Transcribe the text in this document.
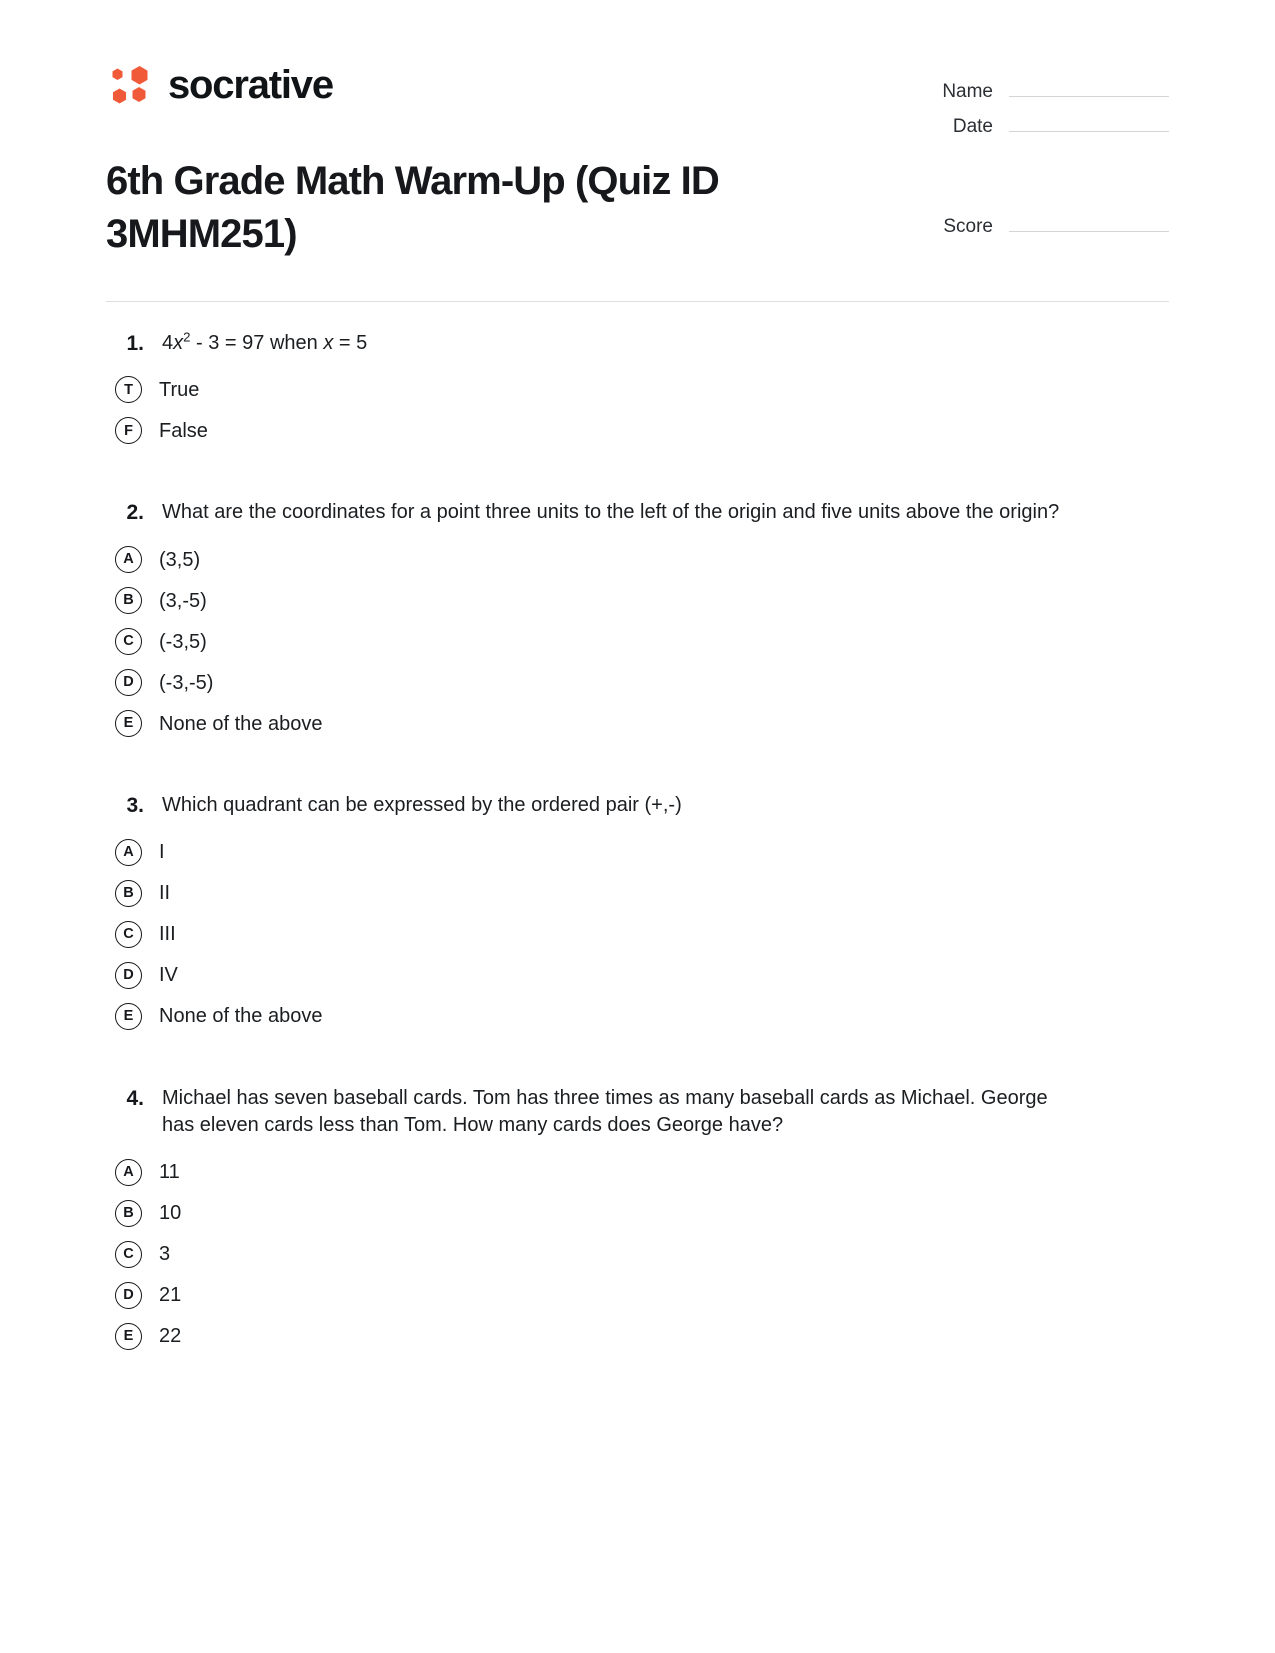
socrative
6th Grade Math Warm-Up (Quiz ID 3MHM251)
Name
Date
Score
1. $4x^2 - 3 = 97$ when x = 5
T	True
F	False
2. What are the coordinates for a point three units to the left of the origin and five units above the origin?
A	(3,5)
B	(3,-5)
C	(-3,5)
D	(-3,-5)
E	None of the above
3. Which quadrant can be expressed by the ordered pair (+,-)
A	I
B	II
C	III
D	IV
E	None of the above
4. Michael has seven baseball cards. Tom has three times as many baseball cards as Michael. George has eleven cards less than Tom. How many cards does George have?
A	11
B	10
C	3
D	21
E	22
